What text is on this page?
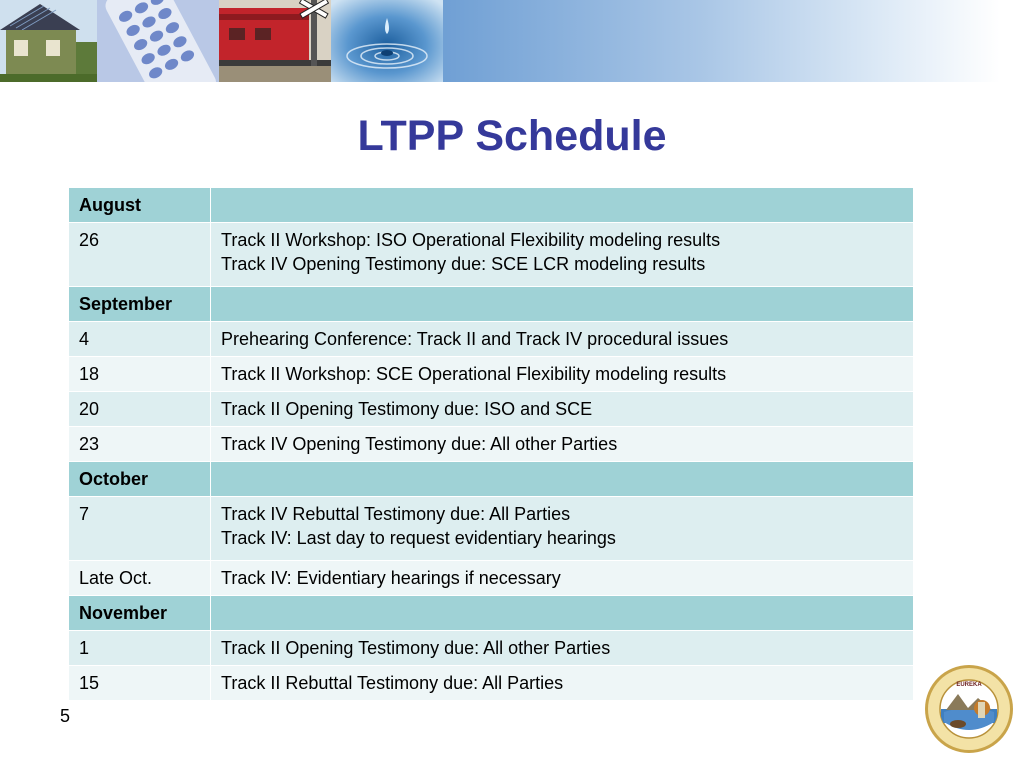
LTPP Schedule
August	
26	Track II Workshop: ISO Operational Flexibility modeling results
Track IV Opening Testimony due: SCE LCR modeling results

September	
4	Prehearing Conference: Track II and Track IV procedural issues
18	Track II Workshop: SCE Operational Flexibility modeling results
20	Track II Opening Testimony due: ISO and SCE
23	Track IV Opening Testimony due: All other Parties
October	
7	Track IV Rebuttal Testimony due: All Parties
Track IV: Last day to request evidentiary hearings

Late Oct.	Track IV: Evidentiary hearings if necessary
November	
1	Track II Opening Testimony due: All other Parties
15	Track II Rebuttal Testimony due: All Parties
5
EUREKA
